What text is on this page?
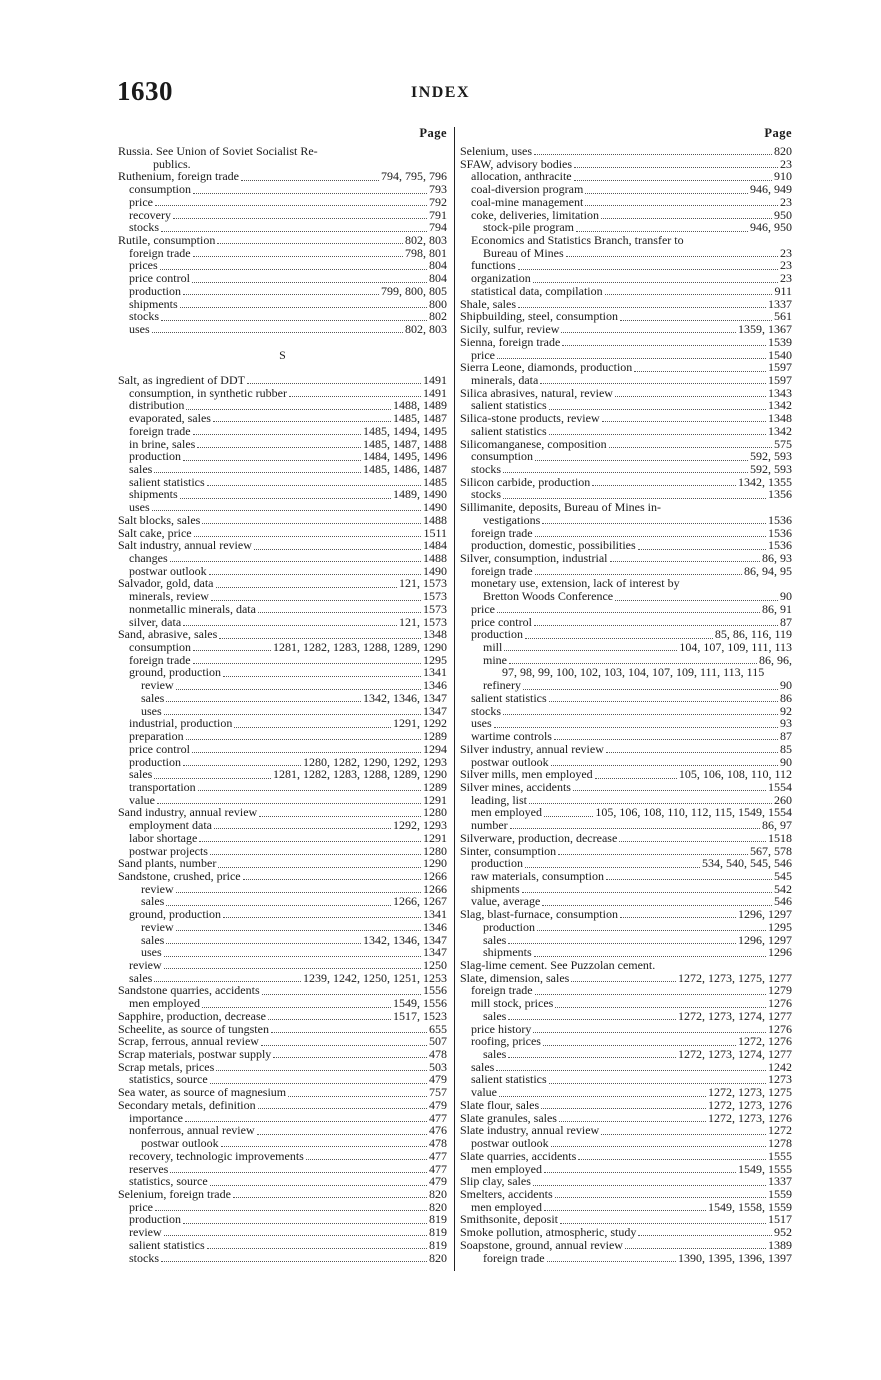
1630	INDEX
Page
Russia. See Union of Soviet Socialist Re-
publics.
Ruthenium, foreign trade	794, 795, 796
consumption	793
price	792
recovery	791
stocks	794
Rutile, consumption	802, 803
foreign trade	798, 801
prices	804
price control	804
production	799, 800, 805
shipments	800
stocks	802
uses	802, 803
S
Salt, as ingredient of DDT	1491
consumption, in synthetic rubber	1491
distribution	1488, 1489
evaporated, sales	1485, 1487
foreign trade	1485, 1494, 1495
in brine, sales	1485, 1487, 1488
production	1484, 1495, 1496
sales	1485, 1486, 1487
salient statistics	1485
shipments	1489, 1490
uses	1490
Salt blocks, sales	1488
Salt cake, price	1511
Salt industry, annual review	1484
changes	1488
postwar outlook	1490
Salvador, gold, data	121, 1573
minerals, review	1573
nonmetallic minerals, data	1573
silver, data	121, 1573
Sand, abrasive, sales	1348
consumption	1281, 1282, 1283, 1288, 1289, 1290
foreign trade	1295
ground, production	1341
review	1346
sales	1342, 1346, 1347
uses	1347
industrial, production	1291, 1292
preparation	1289
price control	1294
production	1280, 1282, 1290, 1292, 1293
sales	1281, 1282, 1283, 1288, 1289, 1290
transportation	1289
value	1291
Sand industry, annual review	1280
employment data	1292, 1293
labor shortage	1291
postwar projects	1280
Sand plants, number	1290
Sandstone, crushed, price	1266
review	1266
sales	1266, 1267
ground, production	1341
review	1346
sales	1342, 1346, 1347
uses	1347
review	1250
sales	1239, 1242, 1250, 1251, 1253
Sandstone quarries, accidents	1556
men employed	1549, 1556
Sapphire, production, decrease	1517, 1523
Scheelite, as source of tungsten	655
Scrap, ferrous, annual review	507
Scrap materials, postwar supply	478
Scrap metals, prices	503
statistics, source	479
Sea water, as source of magnesium	757
Secondary metals, definition	479
importance	477
nonferrous, annual review	476
postwar outlook	478
recovery, technologic improvements	477
reserves	477
statistics, source	479
Selenium, foreign trade	820
price	820
production	819
review	819
salient statistics	819
stocks	820
Page
Selenium, uses	820
SFAW, advisory bodies	23
allocation, anthracite	910
coal-diversion program	946, 949
coal-mine management	23
coke, deliveries, limitation	950
stock-pile program	946, 950
Economics and Statistics Branch, transfer to
Bureau of Mines	23
functions	23
organization	23
statistical data, compilation	911
Shale, sales	1337
Shipbuilding, steel, consumption	561
Sicily, sulfur, review	1359, 1367
Sienna, foreign trade	1539
price	1540
Sierra Leone, diamonds, production	1597
minerals, data	1597
Silica abrasives, natural, review	1343
salient statistics	1342
Silica-stone products, review	1348
salient statistics	1342
Silicomanganese, composition	575
consumption	592, 593
stocks	592, 593
Silicon carbide, production	1342, 1355
stocks	1356
Sillimanite, deposits, Bureau of Mines in-
vestigations	1536
foreign trade	1536
production, domestic, possibilities	1536
Silver, consumption, industrial	86, 93
foreign trade	86, 94, 95
monetary use, extension, lack of interest by
Bretton Woods Conference	90
price	86, 91
price control	87
production	85, 86, 116, 119
mill	104, 107, 109, 111, 113
mine	86, 96,
97, 98, 99, 100, 102, 103, 104, 107, 109, 111, 113, 115
refinery	90
salient statistics	86
stocks	92
uses	93
wartime controls	87
Silver industry, annual review	85
postwar outlook	90
Silver mills, men employed	105, 106, 108, 110, 112
Silver mines, accidents	1554
leading, list	260
men employed	105, 106, 108, 110, 112, 115, 1549, 1554
number	86, 97
Silverware, production, decrease	1518
Sinter, consumption	567, 578
production	534, 540, 545, 546
raw materials, consumption	545
shipments	542
value, average	546
Slag, blast-furnace, consumption	1296, 1297
production	1295
sales	1296, 1297
shipments	1296
Slag-lime cement. See Puzzolan cement.
Slate, dimension, sales	1272, 1273, 1275, 1277
foreign trade	1279
mill stock, prices	1276
sales	1272, 1273, 1274, 1277
price history	1276
roofing, prices	1272, 1276
sales	1272, 1273, 1274, 1277
sales	1242
salient statistics	1273
value	1272, 1273, 1275
Slate flour, sales	1272, 1273, 1276
Slate granules, sales	1272, 1273, 1276
Slate industry, annual review	1272
postwar outlook	1278
Slate quarries, accidents	1555
men employed	1549, 1555
Slip clay, sales	1337
Smelters, accidents	1559
men employed	1549, 1558, 1559
Smithsonite, deposit	1517
Smoke pollution, atmospheric, study	952
Soapstone, ground, annual review	1389
foreign trade	1390, 1395, 1396, 1397
